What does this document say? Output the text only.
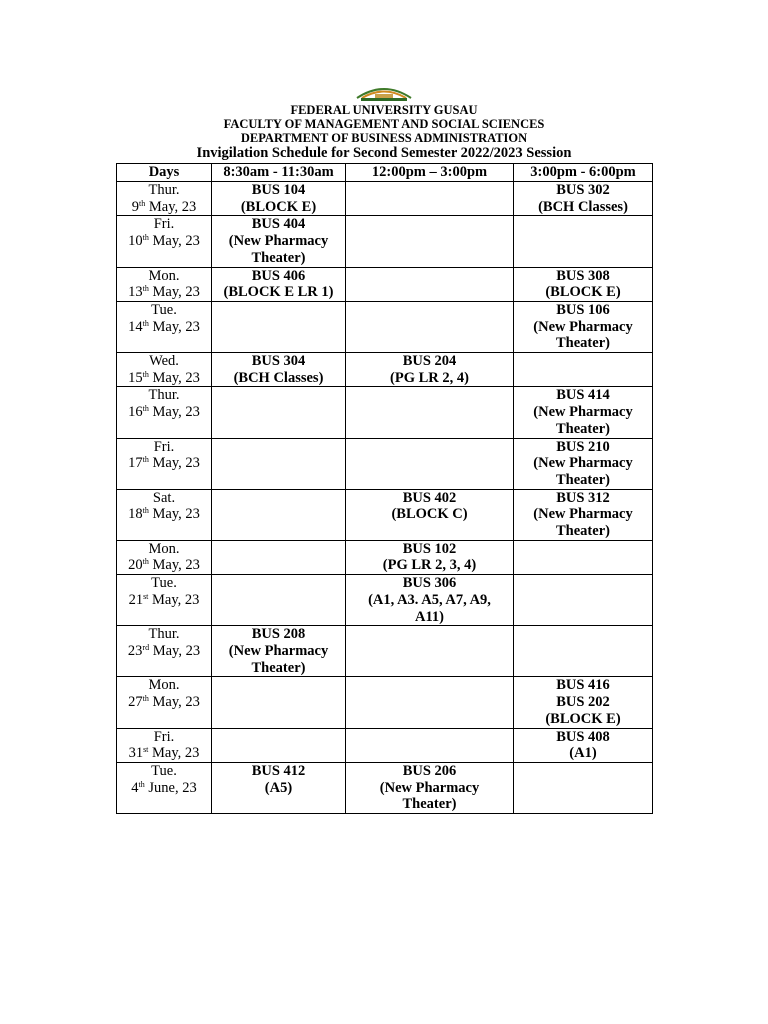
FEDERAL UNIVERSITY GUSAU

FACULTY OF MANAGEMENT AND SOCIAL SCIENCES

DEPARTMENT OF BUSINESS ADMINISTRATION

Invigilation Schedule for Second Semester 2022/2023 Session

Days	8:30am - 11:30am	12:00pm – 3:00pm	3:00pm - 6:00pm

Thur.
9th May, 23	BUS 104
(BLOCK E)		BUS 302
(BCH Classes)

Fri.
10th May, 23	BUS 404
(New Pharmacy
Theater)		

Mon.
13th May, 23	BUS 406
(BLOCK E LR 1)		BUS 308
(BLOCK E)

Tue.
14th May, 23			BUS 106
(New Pharmacy
Theater)

Wed.
15th May, 23	BUS 304
(BCH Classes)	BUS 204
(PG LR 2, 4)	

Thur.
16th May, 23			BUS 414
(New Pharmacy
Theater)

Fri.
17th May, 23			BUS 210
(New Pharmacy
Theater)

Sat.
18th May, 23		BUS 402
(BLOCK C)	BUS 312
(New Pharmacy
Theater)

Mon.
20th May, 23		BUS 102
(PG LR 2, 3, 4)	

Tue.
21st May, 23		BUS 306
(A1, A3. A5, A7, A9,
A11)	

Thur.
23rd May, 23	BUS 208
(New Pharmacy
Theater)		

Mon.
27th May, 23			BUS 416
BUS 202
(BLOCK E)

Fri.
31st May, 23			BUS 408
(A1)

Tue.
4th June, 23	BUS 412
(A5)	BUS 206
(New Pharmacy
Theater)	
